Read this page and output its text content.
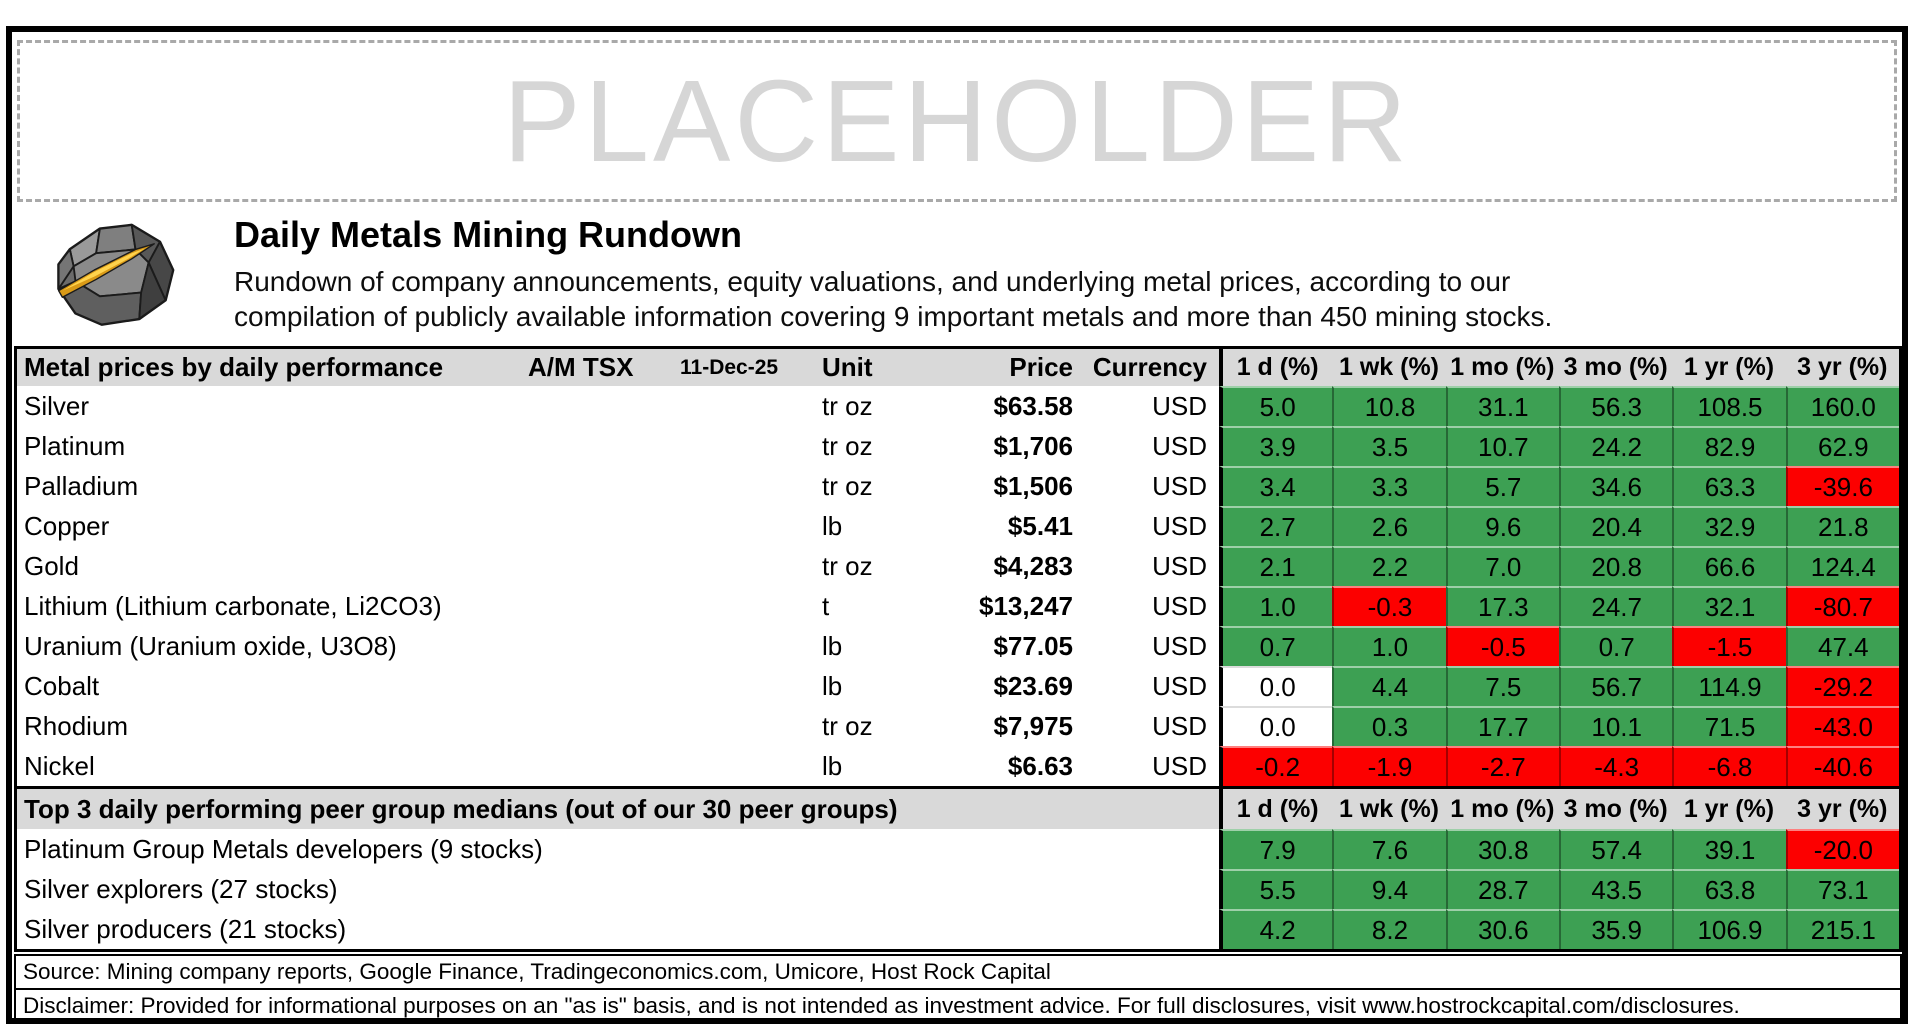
PLACEHOLDER
Daily Metals Mining Rundown
Rundown of company announcements, equity valuations, and underlying metal prices, according to our
compilation of publicly available information covering 9 important metals and more than 450 mining stocks.
Metal prices by daily performance	A/M TSX	11-Dec-25	Unit	Price Currency	1 d (%) 1 wk (%) 1 mo (%) 3 mo (%) 1 yr (%) 3 yr (%)
Silver	tr oz	$63.58	USD	5.0	10.8	31.1	56.3	108.5	160.0
Platinum	tr oz	$1,706	USD	3.9	3.5	10.7	24.2	82.9	62.9
Palladium	tr oz	$1,506	USD	3.4	3.3	5.7	34.6	63.3	-39.6
Copper	lb	$5.41	USD	2.7	2.6	9.6	20.4	32.9	21.8
Gold	tr oz	$4,283	USD	2.1	2.2	7.0	20.8	66.6	124.4
Lithium (Lithium carbonate, Li2CO3)	t	$13,247	USD	1.0	-0.3	17.3	24.7	32.1	-80.7
Uranium (Uranium oxide, U3O8)	lb	$77.05	USD	0.7	1.0	-0.5	0.7	-1.5	47.4
Cobalt	lb	$23.69	USD	0.0	4.4	7.5	56.7	114.9	-29.2
Rhodium	tr oz	$7,975	USD	0.0	0.3	17.7	10.1	71.5	-43.0
Nickel	lb	$6.63	USD	-0.2	-1.9	-2.7	-4.3	-6.8	-40.6
Top 3 daily performing peer group medians (out of our 30 peer groups)	1 d (%) 1 wk (%) 1 mo (%) 3 mo (%) 1 yr (%) 3 yr (%)
Platinum Group Metals developers (9 stocks)	7.9	7.6	30.8	57.4	39.1	-20.0
Silver explorers (27 stocks)	5.5	9.4	28.7	43.5	63.8	73.1
Silver producers (21 stocks)	4.2	8.2	30.6	35.9	106.9	215.1
Source: Mining company reports, Google Finance, Tradingeconomics.com, Umicore, Host Rock Capital
Disclaimer: Provided for informational purposes on an "as is" basis, and is not intended as investment advice. For full disclosures, visit www.hostrockcapital.com/disclosures.
